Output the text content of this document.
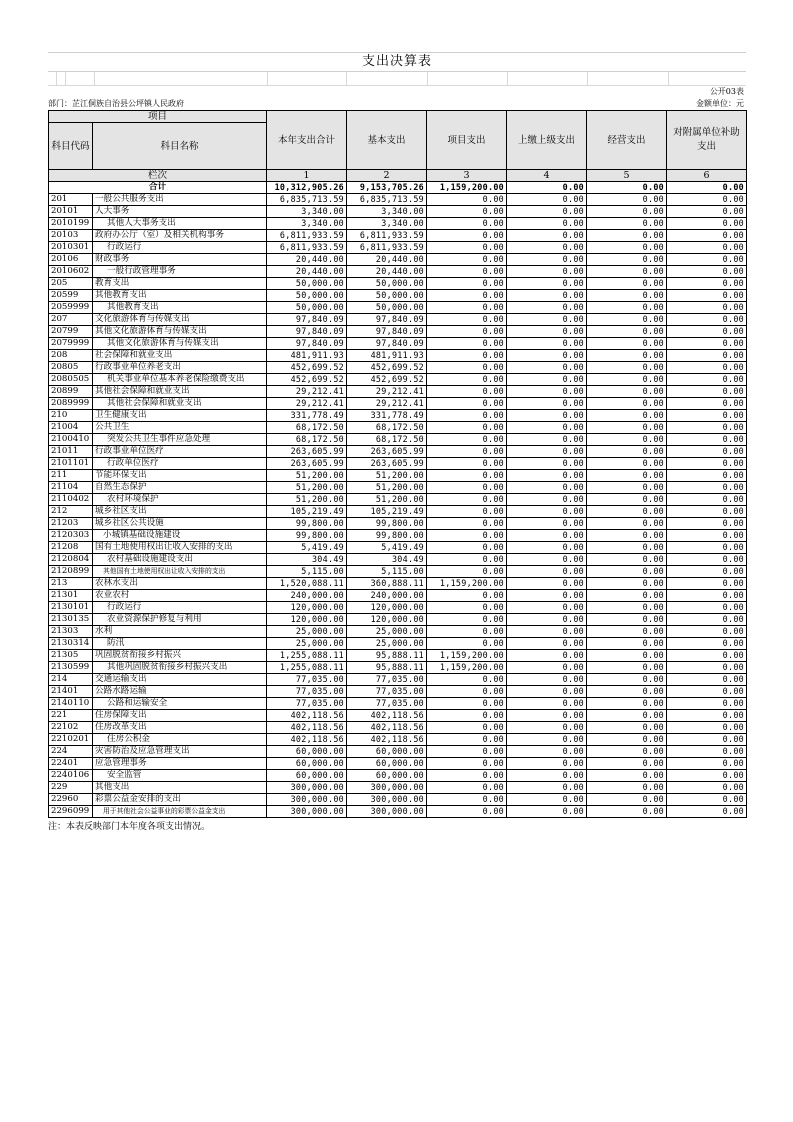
支出决算表
公开03表
部门：芷江侗族自治县公坪镇人民政府	金额单位：元
项目		本年支出合计	基本支出	项目支出	上缴上级支出	经营支出	对附属单位补助支出
科目代码	科目名称						
栏次		1	2	3	4	5	6
合计		10,312,905.26	9,153,705.26	1,159,200.00	0.00	0.00	0.00
201	一般公共服务支出	6,835,713.59	6,835,713.59	0.00	0.00	0.00	0.00
20101	人大事务	3,340.00	3,340.00	0.00	0.00	0.00	0.00
2010199	其他人大事务支出	3,340.00	3,340.00	0.00	0.00	0.00	0.00
20103	政府办公厅（室）及相关机构事务	6,811,933.59	6,811,933.59	0.00	0.00	0.00	0.00
2010301	行政运行	6,811,933.59	6,811,933.59	0.00	0.00	0.00	0.00
20106	财政事务	20,440.00	20,440.00	0.00	0.00	0.00	0.00
2010602	一般行政管理事务	20,440.00	20,440.00	0.00	0.00	0.00	0.00
205	教育支出	50,000.00	50,000.00	0.00	0.00	0.00	0.00
20599	其他教育支出	50,000.00	50,000.00	0.00	0.00	0.00	0.00
2059999	其他教育支出	50,000.00	50,000.00	0.00	0.00	0.00	0.00
207	文化旅游体育与传媒支出	97,840.09	97,840.09	0.00	0.00	0.00	0.00
20799	其他文化旅游体育与传媒支出	97,840.09	97,840.09	0.00	0.00	0.00	0.00
2079999	其他文化旅游体育与传媒支出	97,840.09	97,840.09	0.00	0.00	0.00	0.00
208	社会保障和就业支出	481,911.93	481,911.93	0.00	0.00	0.00	0.00
20805	行政事业单位养老支出	452,699.52	452,699.52	0.00	0.00	0.00	0.00
2080505	机关事业单位基本养老保险缴费支出	452,699.52	452,699.52	0.00	0.00	0.00	0.00
20899	其他社会保障和就业支出	29,212.41	29,212.41	0.00	0.00	0.00	0.00
2089999	其他社会保障和就业支出	29,212.41	29,212.41	0.00	0.00	0.00	0.00
210	卫生健康支出	331,778.49	331,778.49	0.00	0.00	0.00	0.00
21004	公共卫生	68,172.50	68,172.50	0.00	0.00	0.00	0.00
2100410	突发公共卫生事件应急处理	68,172.50	68,172.50	0.00	0.00	0.00	0.00
21011	行政事业单位医疗	263,605.99	263,605.99	0.00	0.00	0.00	0.00
2101101	行政单位医疗	263,605.99	263,605.99	0.00	0.00	0.00	0.00
211	节能环保支出	51,200.00	51,200.00	0.00	0.00	0.00	0.00
21104	自然生态保护	51,200.00	51,200.00	0.00	0.00	0.00	0.00
2110402	农村环境保护	51,200.00	51,200.00	0.00	0.00	0.00	0.00
212	城乡社区支出	105,219.49	105,219.49	0.00	0.00	0.00	0.00
21203	城乡社区公共设施	99,800.00	99,800.00	0.00	0.00	0.00	0.00
2120303	小城镇基础设施建设	99,800.00	99,800.00	0.00	0.00	0.00	0.00
21208	国有土地使用权出让收入安排的支出	5,419.49	5,419.49	0.00	0.00	0.00	0.00
2120804	农村基础设施建设支出	304.49	304.49	0.00	0.00	0.00	0.00
2120899	其他国有土地使用权出让收入安排的支出	5,115.00	5,115.00	0.00	0.00	0.00	0.00
213	农林水支出	1,520,088.11	360,888.11	1,159,200.00	0.00	0.00	0.00
21301	农业农村	240,000.00	240,000.00	0.00	0.00	0.00	0.00
2130101	行政运行	120,000.00	120,000.00	0.00	0.00	0.00	0.00
2130135	农业资源保护修复与利用	120,000.00	120,000.00	0.00	0.00	0.00	0.00
21303	水利	25,000.00	25,000.00	0.00	0.00	0.00	0.00
2130314	防汛	25,000.00	25,000.00	0.00	0.00	0.00	0.00
21305	巩固脱贫衔接乡村振兴	1,255,088.11	95,888.11	1,159,200.00	0.00	0.00	0.00
2130599	其他巩固脱贫衔接乡村振兴支出	1,255,088.11	95,888.11	1,159,200.00	0.00	0.00	0.00
214	交通运输支出	77,035.00	77,035.00	0.00	0.00	0.00	0.00
21401	公路水路运输	77,035.00	77,035.00	0.00	0.00	0.00	0.00
2140110	公路和运输安全	77,035.00	77,035.00	0.00	0.00	0.00	0.00
221	住房保障支出	402,118.56	402,118.56	0.00	0.00	0.00	0.00
22102	住房改革支出	402,118.56	402,118.56	0.00	0.00	0.00	0.00
2210201	住房公积金	402,118.56	402,118.56	0.00	0.00	0.00	0.00
224	灾害防治及应急管理支出	60,000.00	60,000.00	0.00	0.00	0.00	0.00
22401	应急管理事务	60,000.00	60,000.00	0.00	0.00	0.00	0.00
2240106	安全监管	60,000.00	60,000.00	0.00	0.00	0.00	0.00
229	其他支出	300,000.00	300,000.00	0.00	0.00	0.00	0.00
22960	彩票公益金安排的支出	300,000.00	300,000.00	0.00	0.00	0.00	0.00
2296099	用于其他社会公益事业的彩票公益金支出	300,000.00	300,000.00	0.00	0.00	0.00	0.00
注：本表反映部门本年度各项支出情况。
